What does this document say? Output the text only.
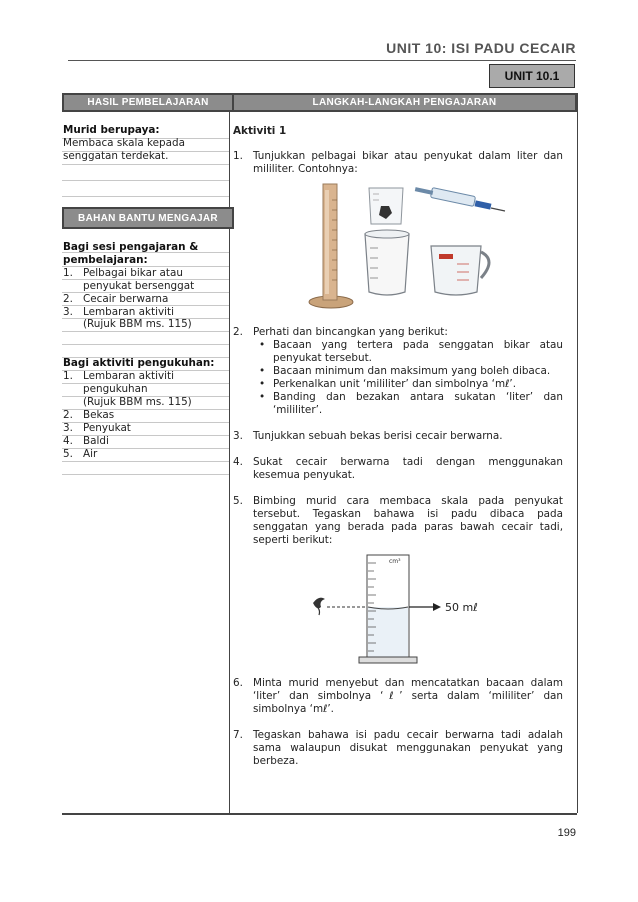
UNIT 10: ISI PADU CECAIR
UNIT 10.1
HASIL PEMBELAJARAN	LANGKAH-LANGKAH PENGAJARAN
Murid berupaya:
Membaca skala kepada
senggatan terdekat.
BAHAN BANTU MENGAJAR
Bagi sesi pengajaran &
pembelajaran:
1. Pelbagai bikar atau
penyukat bersenggat
2. Cecair berwarna
3. Lembaran aktiviti
(Rujuk BBM ms. 115)
Bagi aktiviti pengukuhan:
1. Lembaran aktiviti
pengukuhan
(Rujuk BBM ms. 115)
2. Bekas
3. Penyukat
4. Baldi
5. Air
Aktiviti 1
1. Tunjukkan pelbagai bikar atau penyukat dalam liter dan mililiter. Contohnya:
2. Perhati dan bincangkan yang berikut:
• Bacaan yang tertera pada senggatan bikar atau penyukat tersebut.
• Bacaan minimum dan maksimum yang boleh dibaca.
• Perkenalkan unit ‘mililiter’ dan simbolnya ‘mℓ’.
• Banding dan bezakan antara sukatan ‘liter’ dan ‘mililiter’.
3. Tunjukkan sebuah bekas berisi cecair berwarna.
4. Sukat cecair berwarna tadi dengan menggunakan kesemua penyukat.
5. Bimbing murid cara membaca skala pada penyukat tersebut. Tegaskan bahawa isi padu dibaca pada senggatan yang berada pada paras bawah cecair tadi, seperti berikut:
cm³
50 mℓ
6. Minta murid menyebut dan mencatatkan bacaan dalam ‘liter’ dan simbolnya ‘ℓ’ serta dalam ‘mililiter’ dan simbolnya ‘mℓ’.
7. Tegaskan bahawa isi padu cecair berwarna tadi adalah sama walaupun disukat menggunakan penyukat yang berbeza.
199
